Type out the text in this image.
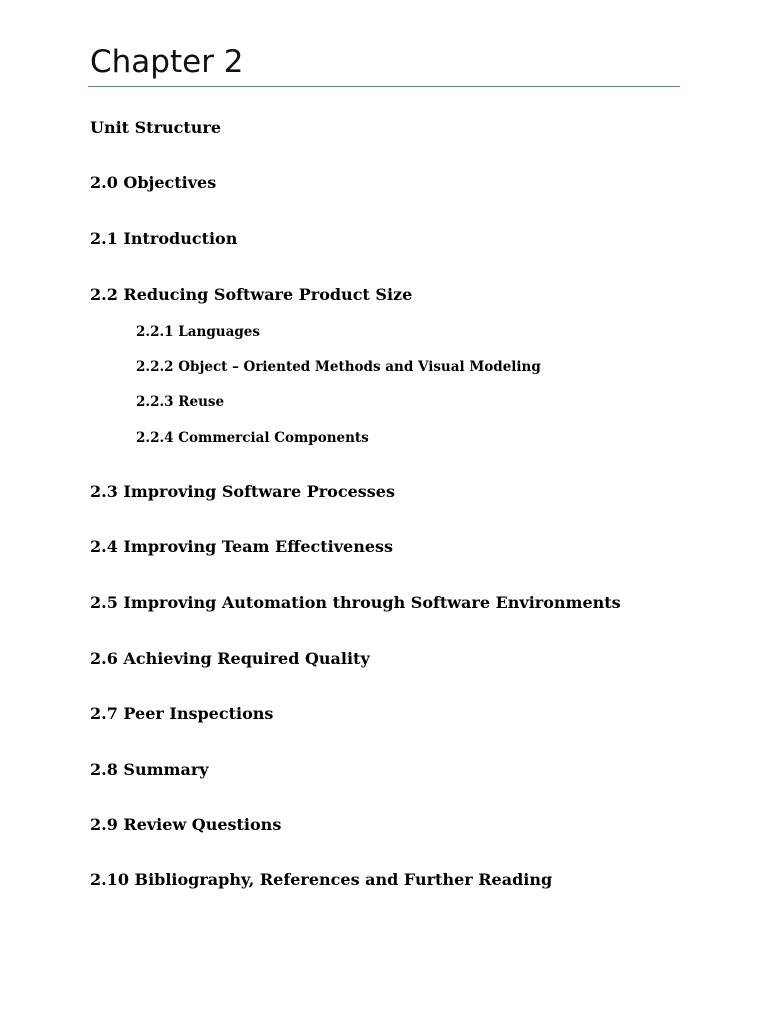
Chapter 2

Unit Structure

2.0 Objectives

2.1 Introduction

2.2 Reducing Software Product Size

2.2.1 Languages

2.2.2 Object – Oriented Methods and Visual Modeling

2.2.3 Reuse

2.2.4 Commercial Components

2.3 Improving Software Processes

2.4 Improving Team Effectiveness

2.5 Improving Automation through Software Environments

2.6 Achieving Required Quality

2.7 Peer Inspections

2.8 Summary

2.9 Review Questions

2.10 Bibliography, References and Further Reading
